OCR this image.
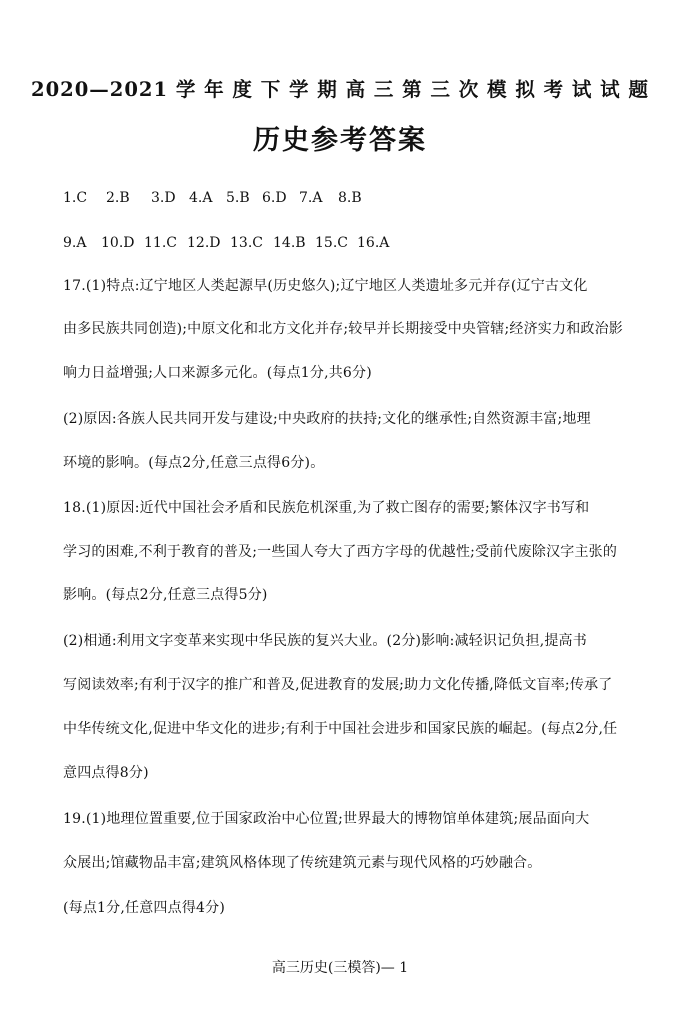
2020—2021 学 年 度 下 学 期 高 三 第 三 次 模 拟 考 试 试 题
历史参考答案
1.C 2.B 3.D 4.A 5.B 6.D 7.A 8.B
9.A 10.D 11.C 12.D 13.C 14.B 15.C 16.A
17.(1)特点:辽宁地区人类起源早(历史悠久);辽宁地区人类遗址多元并存(辽宁古文化
由多民族共同创造);中原文化和北方文化并存;较早并长期接受中央管辖;经济实力和政治影
响力日益增强;人口来源多元化。(每点1分,共6分)
(2)原因:各族人民共同开发与建设;中央政府的扶持;文化的继承性;自然资源丰富;地理
环境的影响。(每点2分,任意三点得6分)。
18.(1)原因:近代中国社会矛盾和民族危机深重,为了救亡图存的需要;繁体汉字书写和
学习的困难,不利于教育的普及;一些国人夸大了西方字母的优越性;受前代废除汉字主张的
影响。(每点2分,任意三点得5分)
(2)相通:利用文字变革来实现中华民族的复兴大业。(2分)影响:减轻识记负担,提高书
写阅读效率;有利于汉字的推广和普及,促进教育的发展;助力文化传播,降低文盲率;传承了
中华传统文化,促进中华文化的进步;有利于中国社会进步和国家民族的崛起。(每点2分,任
意四点得8分)
19.(1)地理位置重要,位于国家政治中心位置;世界最大的博物馆单体建筑;展品面向大
众展出;馆藏物品丰富;建筑风格体现了传统建筑元素与现代风格的巧妙融合。
(每点1分,任意四点得4分)
高三历史(三模答)— 1
